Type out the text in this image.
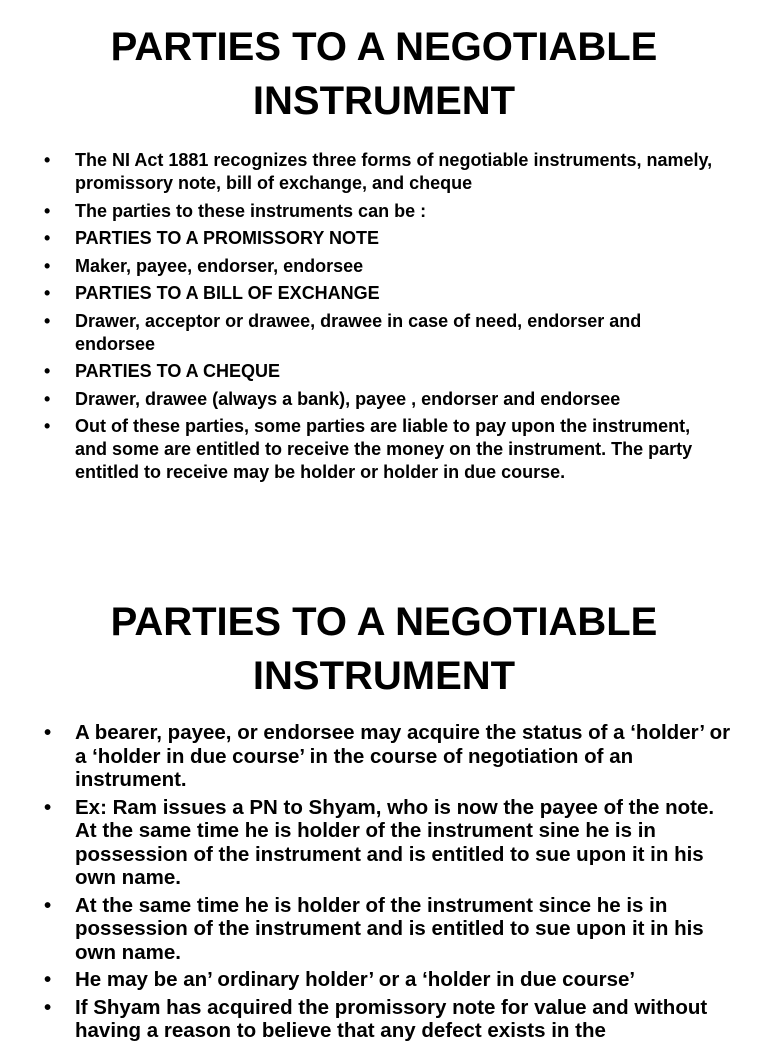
PARTIES TO A NEGOTIABLE
INSTRUMENT
• The NI Act 1881 recognizes three forms of negotiable instruments, namely, promissory note, bill of exchange, and cheque
• The parties to these instruments can be :
• PARTIES TO A PROMISSORY NOTE
• Maker, payee, endorser, endorsee
• PARTIES TO A BILL OF EXCHANGE
• Drawer, acceptor or drawee, drawee in case of need, endorser and endorsee
• PARTIES TO A CHEQUE
• Drawer, drawee (always a bank), payee , endorser and endorsee
• Out of these parties, some parties are liable to pay upon the instrument, and some are entitled to receive the money on the instrument. The party entitled to receive may be holder or holder in due course.
PARTIES TO A NEGOTIABLE
INSTRUMENT
• A bearer, payee, or endorsee may acquire the status of a ‘holder’ or a ‘holder in due course’ in the course of negotiation of an instrument.
• Ex: Ram issues a PN to Shyam, who is now the payee of the note. At the same time he is holder of the instrument sine he is in possession of the instrument and is entitled to sue upon it in his own name.
• At the same time he is holder of the instrument since he is in possession of the instrument and is entitled to sue upon it in his own name.
• He may be an’ ordinary holder’ or a ‘holder in due course’
• If Shyam has acquired the promissory note for value and without having a reason to believe that any defect exists in the
